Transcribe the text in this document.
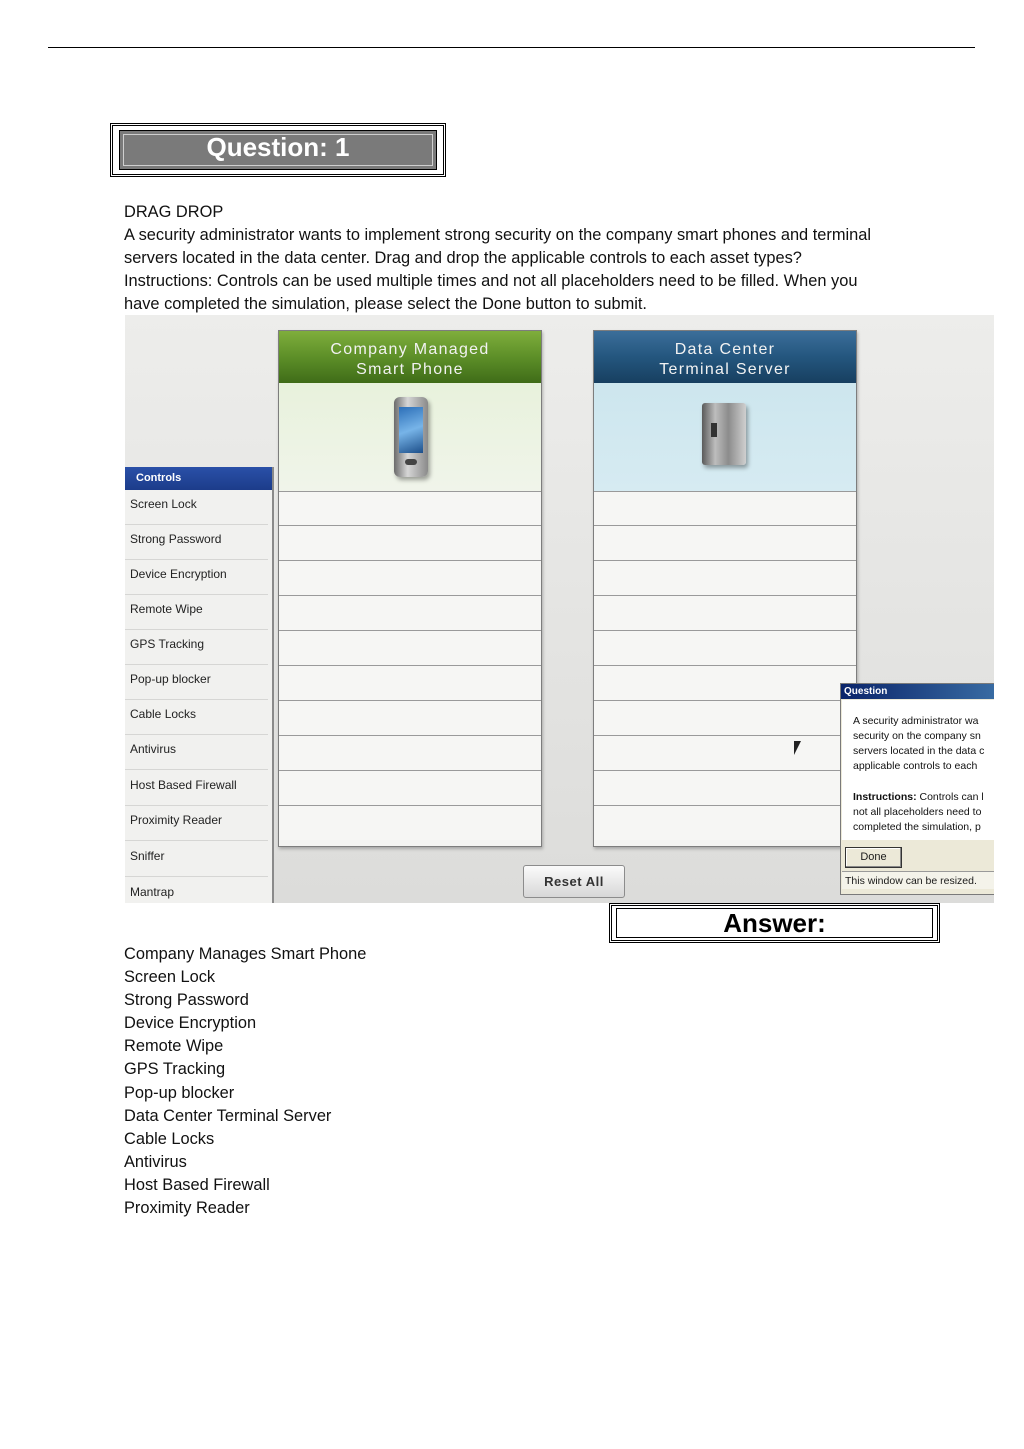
Question: 1
DRAG DROP
A security administrator wants to implement strong security on the company smart phones and terminal
servers located in the data center. Drag and drop the applicable controls to each asset types?
Instructions: Controls can be used multiple times and not all placeholders need to be filled. When you
have completed the simulation, please select the Done button to submit.
Company Managed
Smart Phone
Data Center
Terminal Server
Controls
Screen Lock
Strong Password
Device Encryption
Remote Wipe
GPS Tracking
Pop-up blocker
Cable Locks
Antivirus
Host Based Firewall
Proximity Reader
Sniffer
Mantrap
Reset All
Question
A security administrator wa
security on the company sn
servers located in the data c
applicable controls to each
Instructions: Controls can l
not all placeholders need to
completed the simulation, p
Done
This window can be resized.
Answer:
Company Manages Smart Phone
Screen Lock
Strong Password
Device Encryption
Remote Wipe
GPS Tracking
Pop-up blocker
Data Center Terminal Server
Cable Locks
Antivirus
Host Based Firewall
Proximity Reader
